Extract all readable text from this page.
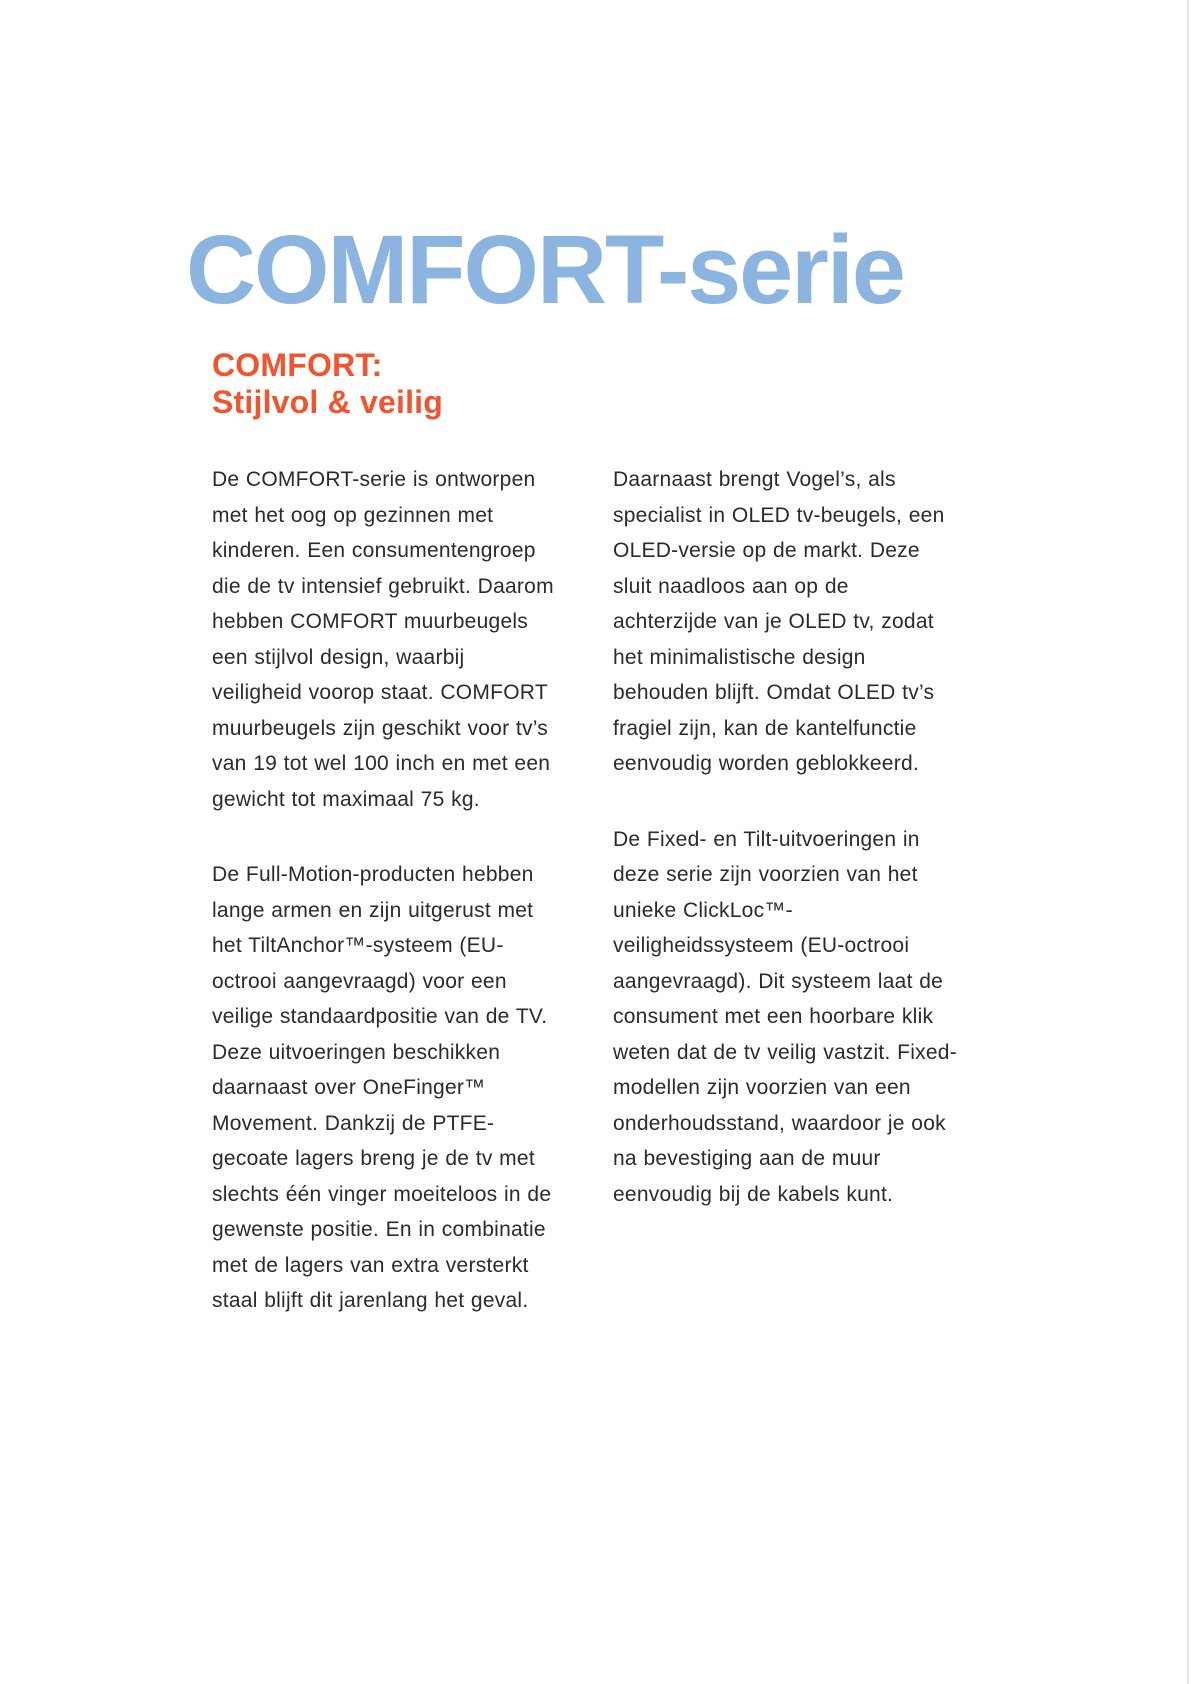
COMFORT-serie
COMFORT:
Stijlvol & veilig

De COMFORT-serie is ontworpen met het oog op gezinnen met kinderen. Een consumentengroep die de tv intensief gebruikt. Daarom hebben COMFORT muurbeugels een stijlvol design, waarbij veiligheid voorop staat. COMFORT muurbeugels zijn geschikt voor tv’s van 19 tot wel 100 inch en met een gewicht tot maximaal 75 kg.

De Full-Motion-producten hebben lange armen en zijn uitgerust met het TiltAnchor™-systeem (EU-octrooi aangevraagd) voor een veilige standaardpositie van de TV. Deze uitvoeringen beschikken daarnaast over OneFinger™ Movement. Dankzij de PTFE-gecoate lagers breng je de tv met slechts één vinger moeiteloos in de gewenste positie. En in combinatie met de lagers van extra versterkt staal blijft dit jarenlang het geval.

Daarnaast brengt Vogel’s, als specialist in OLED tv-beugels, een OLED-versie op de markt. Deze sluit naadloos aan op de achterzijde van je OLED tv, zodat het minimalistische design behouden blijft. Omdat OLED tv’s fragiel zijn, kan de kantelfunctie eenvoudig worden geblokkeerd.

De Fixed- en Tilt-uitvoeringen in deze serie zijn voorzien van het unieke ClickLoc™-veiligheidssysteem (EU-octrooi aangevraagd). Dit systeem laat de consument met een hoorbare klik weten dat de tv veilig vastzit. Fixed-modellen zijn voorzien van een onderhoudsstand, waardoor je ook na bevestiging aan de muur eenvoudig bij de kabels kunt.
